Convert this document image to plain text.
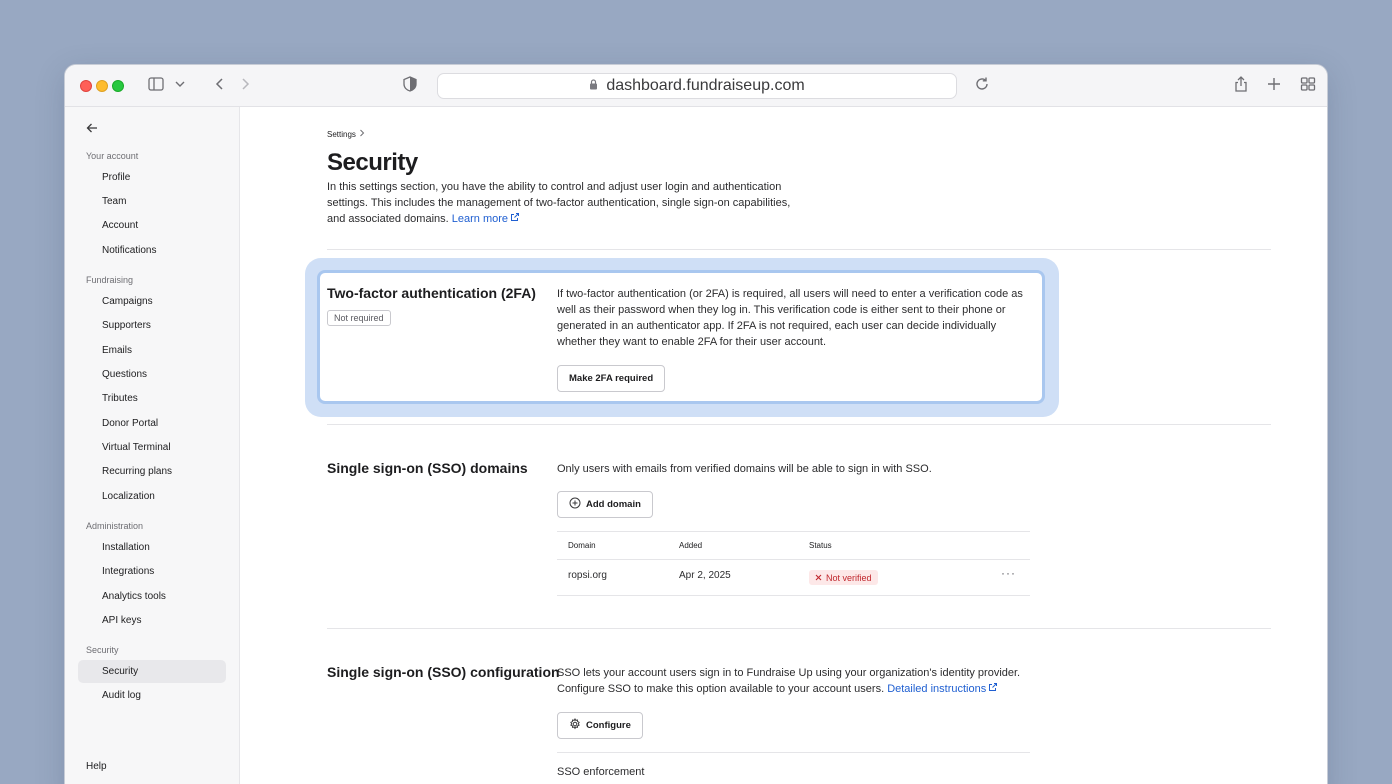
dashboard.fundraiseup.com
Your account
Profile
Team
Account
Notifications
Fundraising
Campaigns
Supporters
Emails
Questions
Tributes
Donor Portal
Virtual Terminal
Recurring plans
Localization
Administration
Installation
Integrations
Analytics tools
API keys
Security
Security
Audit log
Help
Settings
Security
In this settings section, you have the ability to control and adjust user login and authentication settings. This includes the management of two-factor authentication, single sign-on capabilities, and associated domains. Learn more
Two-factor authentication (2FA)
Not required
If two-factor authentication (or 2FA) is required, all users will need to enter a verification code as well as their password when they log in. This verification code is either sent to their phone or generated in an authenticator app. If 2FA is not required, each user can decide individually whether they want to enable 2FA for their user account.
Make 2FA required
Single sign-on (SSO) domains	Only users with emails from verified domains will be able to sign in with SSO.
Add domain
Domain	Added	Status
ropsi.org	Apr 2, 2025	Not verified	···
Single sign-on (SSO) configuration
SSO lets your account users sign in to Fundraise Up using your organization's identity provider. Configure SSO to make this option available to your account users. Detailed instructions
Configure
SSO enforcement
